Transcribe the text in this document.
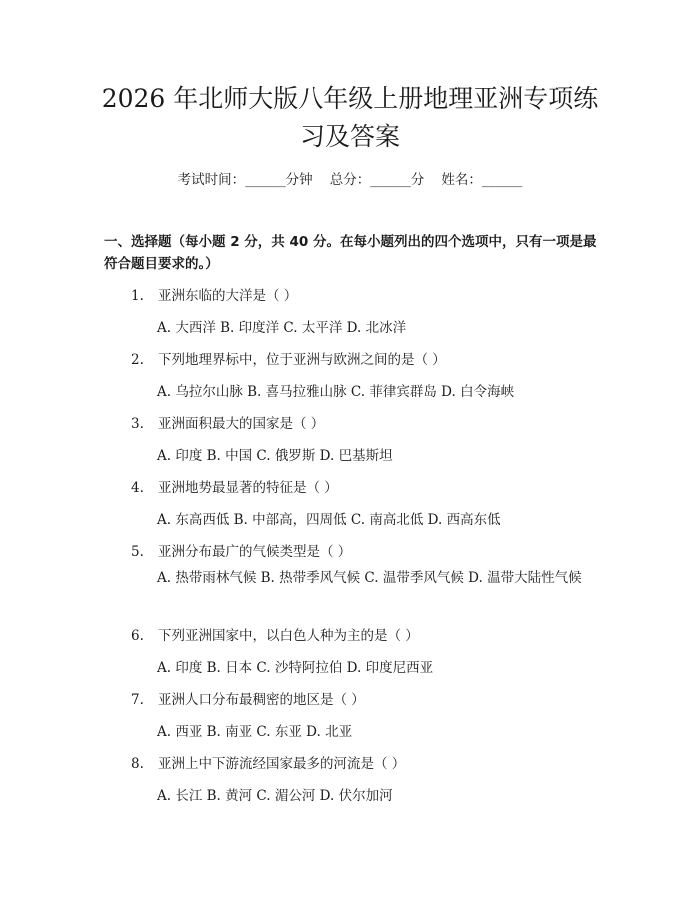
2026 年北师大版八年级上册地理亚洲专项练
习及答案
考试时间：______分钟    总分：______分    姓名：______
一、选择题（每小题 2 分，共 40 分。在每小题列出的四个选项中，只有一项是最符合题目要求的。）
1. 亚洲东临的大洋是（ ）
A. 大西洋 B. 印度洋 C. 太平洋 D. 北冰洋
2. 下列地理界标中，位于亚洲与欧洲之间的是（ ）
A. 乌拉尔山脉 B. 喜马拉雅山脉 C. 菲律宾群岛 D. 白令海峡
3. 亚洲面积最大的国家是（ ）
A. 印度 B. 中国 C. 俄罗斯 D. 巴基斯坦
4. 亚洲地势最显著的特征是（ ）
A. 东高西低 B. 中部高，四周低 C. 南高北低 D. 西高东低
5. 亚洲分布最广的气候类型是（ ）
A. 热带雨林气候 B. 热带季风气候 C. 温带季风气候 D. 温带大陆性气候
6. 下列亚洲国家中，以白色人种为主的是（ ）
A. 印度 B. 日本 C. 沙特阿拉伯 D. 印度尼西亚
7. 亚洲人口分布最稠密的地区是（ ）
A. 西亚 B. 南亚 C. 东亚 D. 北亚
8. 亚洲上中下游流经国家最多的河流是（ ）
A. 长江 B. 黄河 C. 湄公河 D. 伏尔加河
